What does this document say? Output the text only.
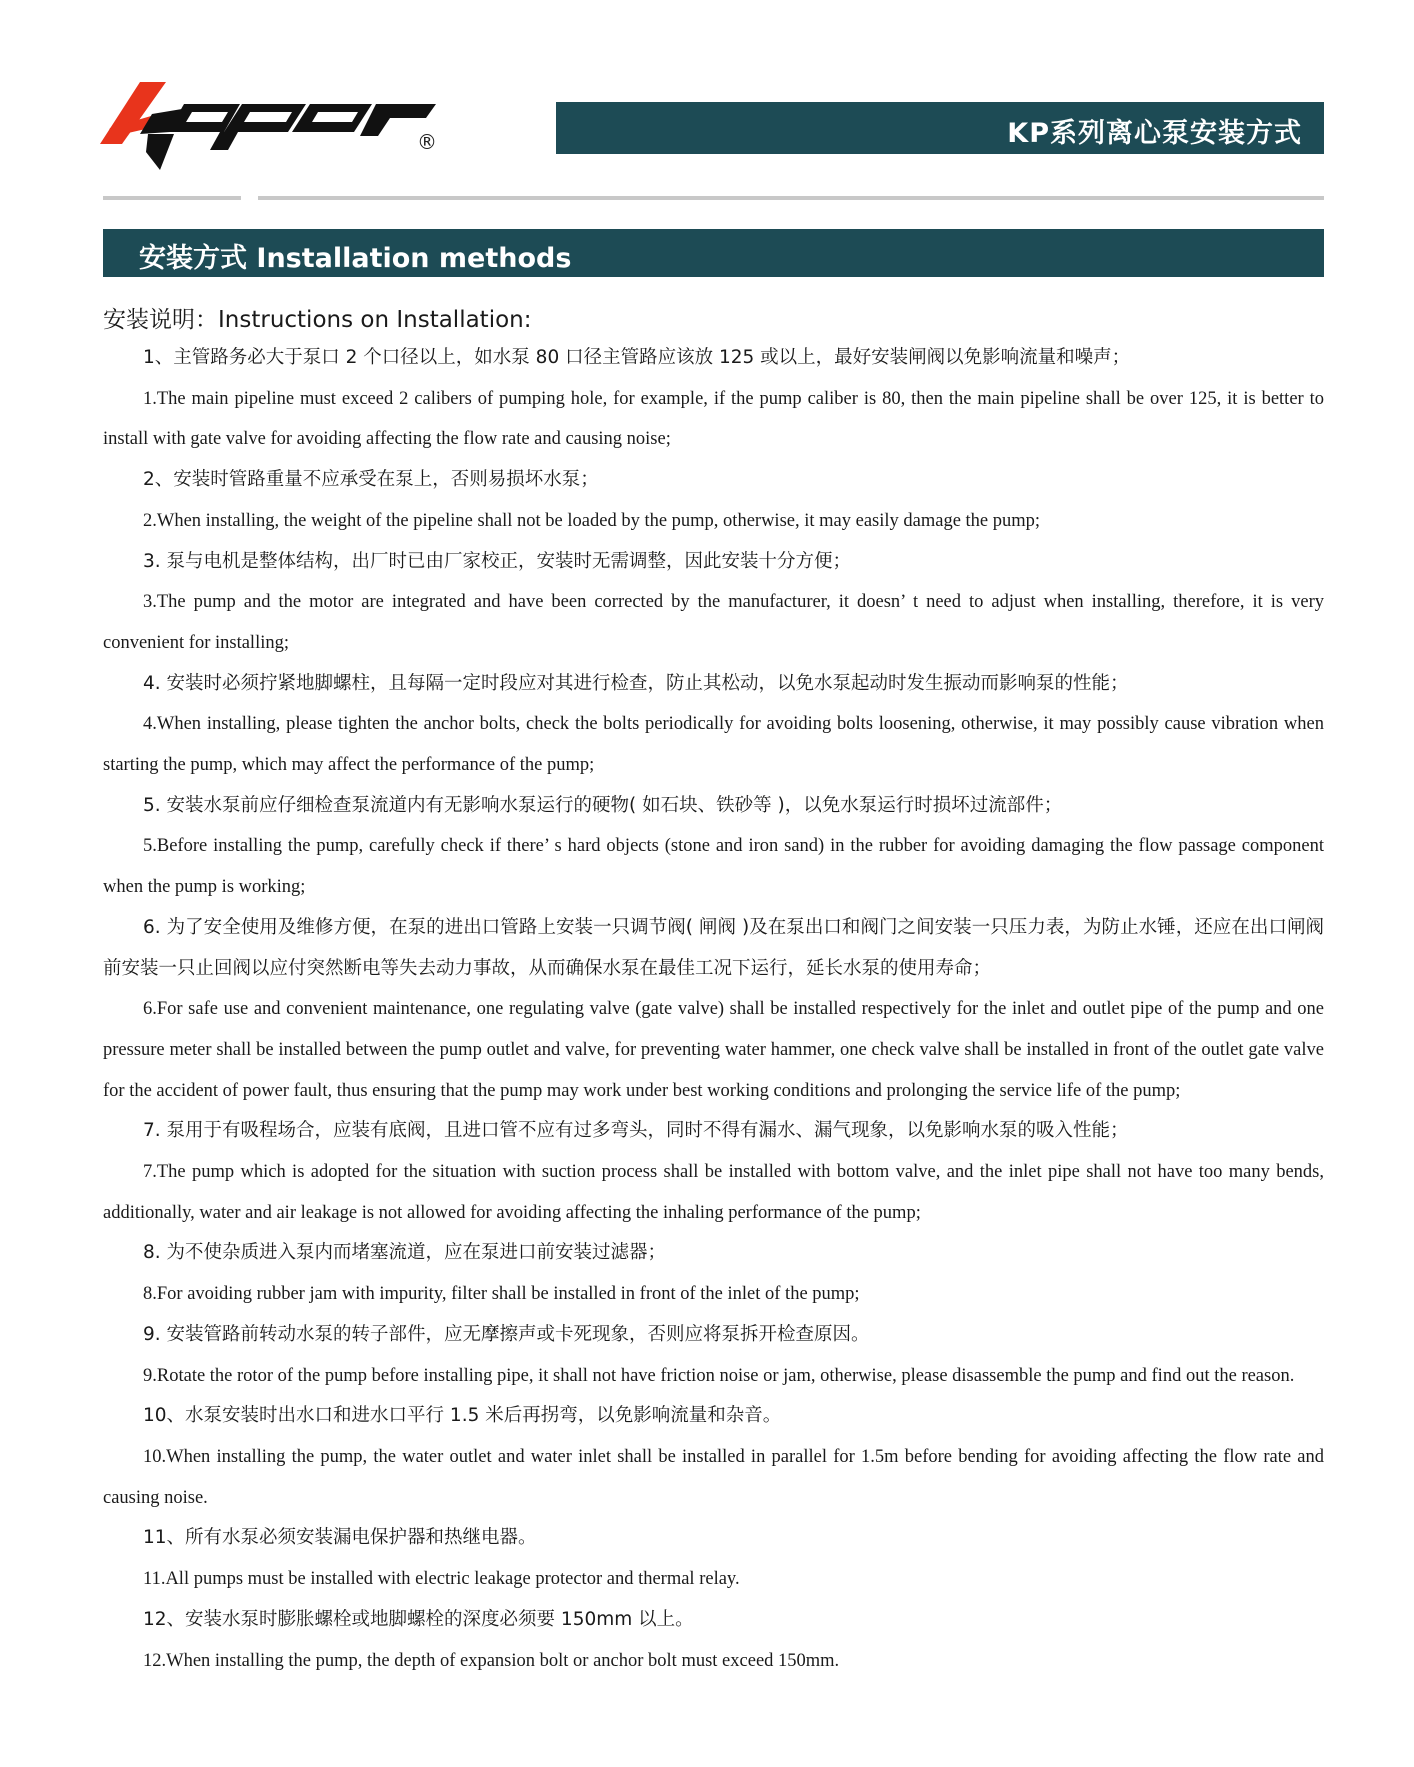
®	KP系列离心泵安装方式
安装方式 Installation methods
安装说明：Instructions on Installation:

1、主管路务必大于泵口 2 个口径以上，如水泵 80 口径主管路应该放 125 或以上，最好安装闸阀以免影响流量和噪声；

1.The main pipeline must exceed 2 calibers of pumping hole, for example, if the pump caliber is 80, then the main pipeline shall be over 125, it is better to install with gate valve for avoiding affecting the flow rate and causing noise;

2、安装时管路重量不应承受在泵上，否则易损坏水泵；

2.When installing, the weight of the pipeline shall not be loaded by the pump, otherwise, it may easily damage the pump;

3. 泵与电机是整体结构，出厂时已由厂家校正，安装时无需调整，因此安装十分方便；

3.The pump and the motor are integrated and have been corrected by the manufacturer, it doesn’ t need to adjust when installing, therefore, it is very convenient for installing;

4. 安装时必须拧紧地脚螺柱，且每隔一定时段应对其进行检查，防止其松动，以免水泵起动时发生振动而影响泵的性能；

4.When installing, please tighten the anchor bolts, check the bolts periodically for avoiding bolts loosening, otherwise, it may possibly cause vibration when starting the pump, which may affect the performance of the pump;

5. 安装水泵前应仔细检查泵流道内有无影响水泵运行的硬物( 如石块、铁砂等 )，以免水泵运行时损坏过流部件；

5.Before installing the pump, carefully check if there’ s hard objects (stone and iron sand) in the rubber for avoiding damaging the flow passage component when the pump is working;

6. 为了安全使用及维修方便，在泵的进出口管路上安装一只调节阀( 闸阀 )及在泵出口和阀门之间安装一只压力表，为防止水锤，还应在出口闸阀前安装一只止回阀以应付突然断电等失去动力事故，从而确保水泵在最佳工况下运行，延长水泵的使用寿命；

6.For safe use and convenient maintenance, one regulating valve (gate valve) shall be installed respectively for the inlet and outlet pipe of the pump and one pressure meter shall be installed between the pump outlet and valve, for preventing water hammer, one check valve shall be installed in front of the outlet gate valve for the accident of power fault, thus ensuring that the pump may work under best working conditions and prolonging the service life of the pump;

7. 泵用于有吸程场合，应装有底阀，且进口管不应有过多弯头，同时不得有漏水、漏气现象，以免影响水泵的吸入性能；

7.The pump which is adopted for the situation with suction process shall be installed with bottom valve, and the inlet pipe shall not have too many bends, additionally, water and air leakage is not allowed for avoiding affecting the inhaling performance of the pump;

8. 为不使杂质进入泵内而堵塞流道，应在泵进口前安装过滤器；

8.For avoiding rubber jam with impurity, filter shall be installed in front of the inlet of the pump;

9. 安装管路前转动水泵的转子部件，应无摩擦声或卡死现象，否则应将泵拆开检查原因。

9.Rotate the rotor of the pump before installing pipe, it shall not have friction noise or jam, otherwise, please disassemble the pump and find out the reason.

10、水泵安装时出水口和进水口平行 1.5 米后再拐弯，以免影响流量和杂音。

10.When installing the pump, the water outlet and water inlet shall be installed in parallel for 1.5m before bending for avoiding affecting the flow rate and causing noise.

11、所有水泵必须安装漏电保护器和热继电器。

11.All pumps must be installed with electric leakage protector and thermal relay.

12、安装水泵时膨胀螺栓或地脚螺栓的深度必须要 150mm 以上。

12.When installing the pump, the depth of expansion bolt or anchor bolt must exceed 150mm.
